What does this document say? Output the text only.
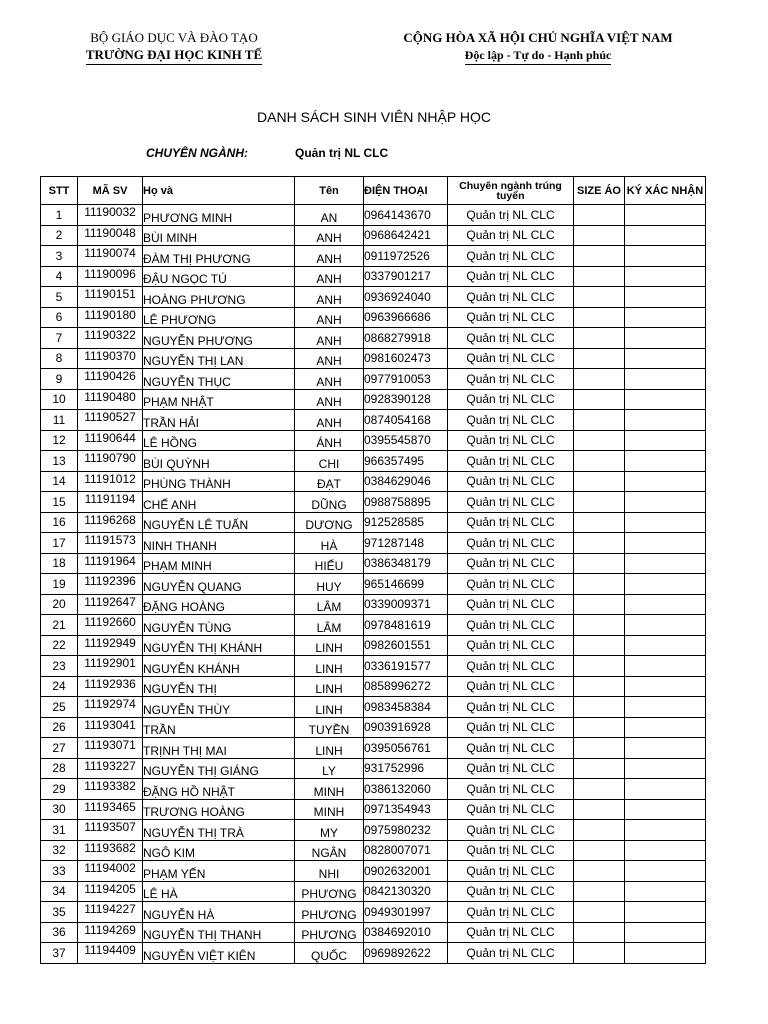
BỘ GIÁO DỤC VÀ ĐÀO TẠO
TRƯỜNG ĐẠI HỌC KINH TẾ
CỘNG HÒA XÃ HỘI CHỦ NGHĨA VIỆT NAM
Độc lập - Tự do - Hạnh phúc
DANH SÁCH SINH VIÊN NHẬP HỌC
CHUYÊN NGÀNH:	Quản trị NL CLC
STT	MÃ SV	Họ và	Tên	ĐIỆN THOẠI	Chuyên ngành trúng tuyển	SIZE ÁO	KÝ XÁC NHẬN
1	11190032	PHƯƠNG MINH	AN	0964143670	Quản trị NL CLC		
2	11190048	BÙI MINH	ANH	0968642421	Quản trị NL CLC		
3	11190074	ĐÀM THỊ PHƯƠNG	ANH	0911972526	Quản trị NL CLC		
4	11190096	ĐẬU NGỌC TÚ	ANH	0337901217	Quản trị NL CLC		
5	11190151	HOÀNG PHƯƠNG	ANH	0936924040	Quản trị NL CLC		
6	11190180	LÊ PHƯƠNG	ANH	0963966686	Quản trị NL CLC		
7	11190322	NGUYỄN PHƯƠNG	ANH	0868279918	Quản trị NL CLC		
8	11190370	NGUYỄN THỊ LAN	ANH	0981602473	Quản trị NL CLC		
9	11190426	NGUYỄN THỤC	ANH	0977910053	Quản trị NL CLC		
10	11190480	PHẠM NHẬT	ANH	0928390128	Quản trị NL CLC		
11	11190527	TRẦN HẢI	ANH	0874054168	Quản trị NL CLC		
12	11190644	LÊ HỒNG	ÁNH	0395545870	Quản trị NL CLC		
13	11190790	BÙI QUỲNH	CHI	966357495	Quản trị NL CLC		
14	11191012	PHÙNG THÀNH	ĐẠT	0384629046	Quản trị NL CLC		
15	11191194	CHẾ ANH	DŨNG	0988758895	Quản trị NL CLC		
16	11196268	NGUYỄN LÊ TUẤN	DƯƠNG	912528585	Quản trị NL CLC		
17	11191573	NINH THANH	HÀ	971287148	Quản trị NL CLC		
18	11191964	PHẠM MINH	HIẾU	0386348179	Quản trị NL CLC		
19	11192396	NGUYỄN QUANG	HUY	965146699	Quản trị NL CLC		
20	11192647	ĐẶNG HOÀNG	LÂM	0339009371	Quản trị NL CLC		
21	11192660	NGUYỄN TÙNG	LÂM	0978481619	Quản trị NL CLC		
22	11192949	NGUYỄN THỊ KHÁNH	LINH	0982601551	Quản trị NL CLC		
23	11192901	NGUYỄN KHÁNH	LINH	0336191577	Quản trị NL CLC		
24	11192936	NGUYỄN THỊ	LINH	0858996272	Quản trị NL CLC		
25	11192974	NGUYỄN THÙY	LINH	0983458384	Quản trị NL CLC		
26	11193041	TRẦN	TUYỀN	0903916928	Quản trị NL CLC		
27	11193071	TRỊNH THỊ MAI	LINH	0395056761	Quản trị NL CLC		
28	11193227	NGUYỄN THỊ GIÁNG	LY	931752996	Quản trị NL CLC		
29	11193382	ĐẶNG HỒ NHẬT	MINH	0386132060	Quản trị NL CLC		
30	11193465	TRƯƠNG HOÀNG	MINH	0971354943	Quản trị NL CLC		
31	11193507	NGUYỄN THỊ TRÀ	MY	0975980232	Quản trị NL CLC		
32	11193682	NGÔ KIM	NGÂN	0828007071	Quản trị NL CLC		
33	11194002	PHẠM YẾN	NHI	0902632001	Quản trị NL CLC		
34	11194205	LÊ HÀ	PHƯƠNG	0842130320	Quản trị NL CLC		
35	11194227	NGUYỄN HÀ	PHƯƠNG	0949301997	Quản trị NL CLC		
36	11194269	NGUYỄN THỊ THANH	PHƯƠNG	0384692010	Quản trị NL CLC		
37	11194409	NGUYỄN VIỆT KIÊN	QUỐC	0969892622	Quản trị NL CLC		
